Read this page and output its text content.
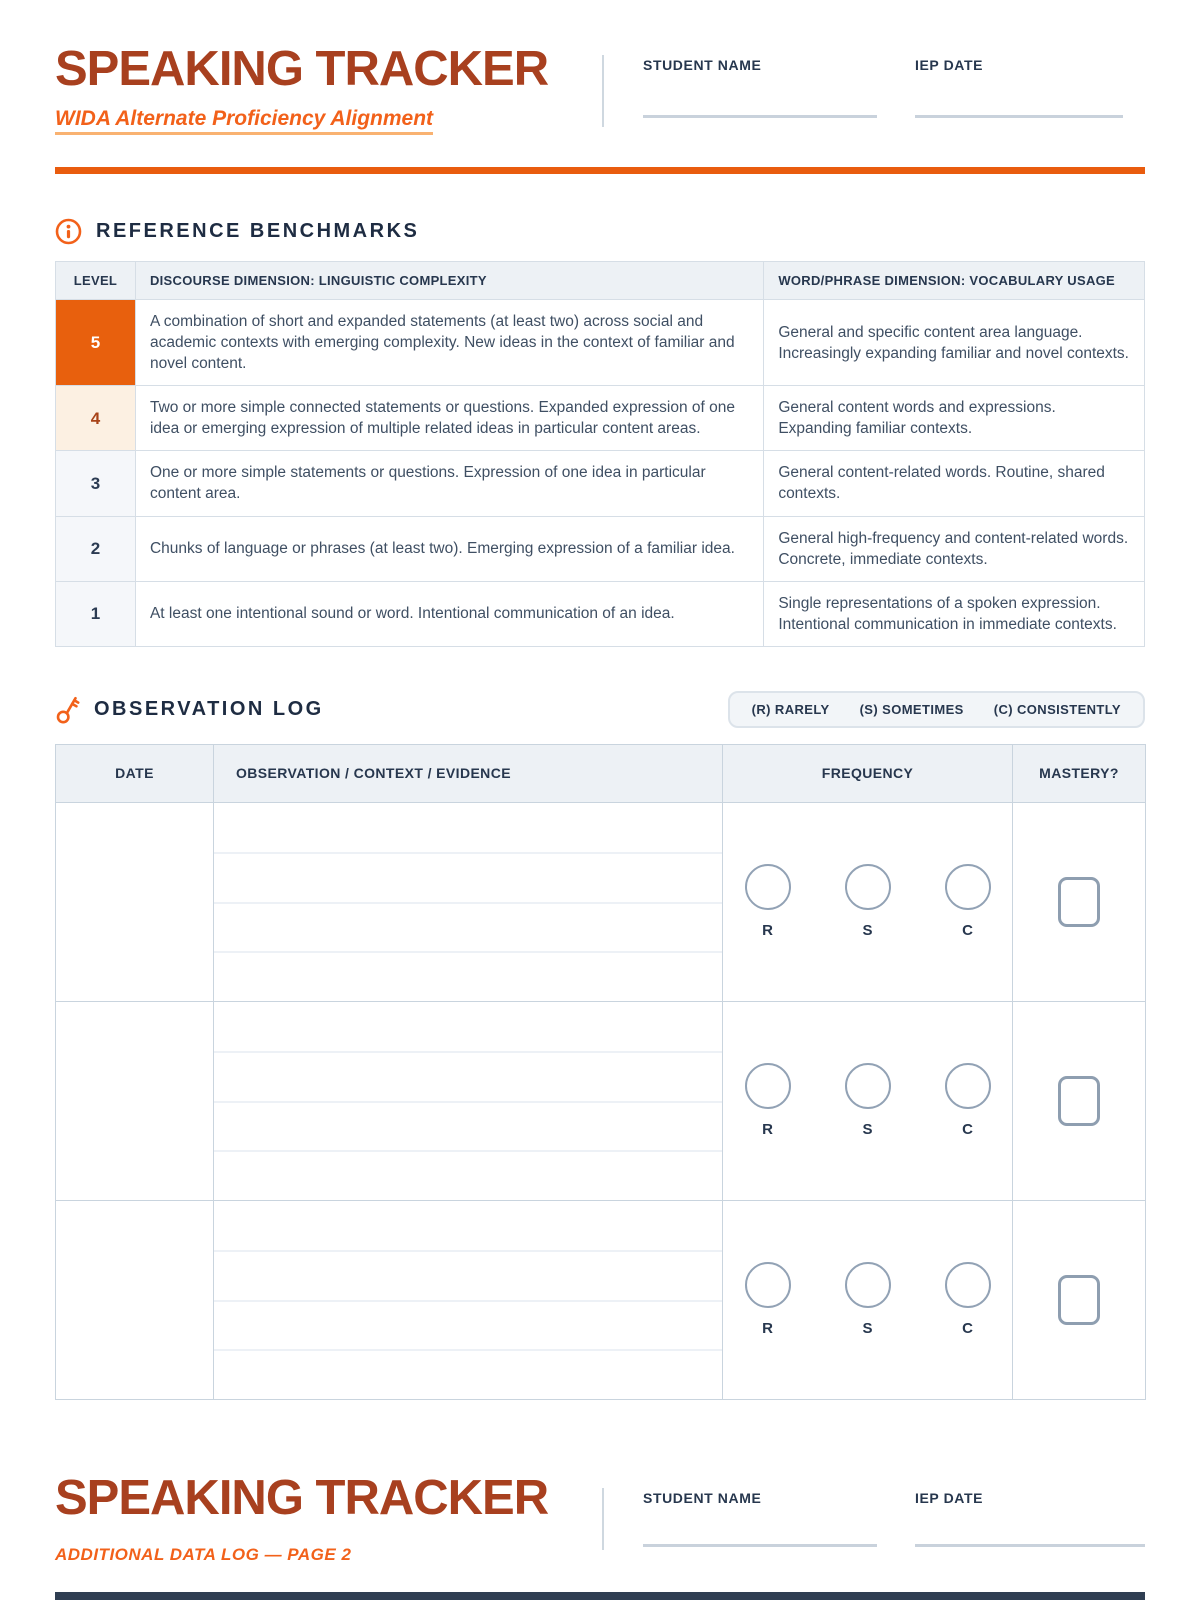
SPEAKING TRACKER
WIDA Alternate Proficiency Alignment
STUDENT NAME	IEP DATE
REFERENCE BENCHMARKS
LEVEL	DISCOURSE DIMENSION: LINGUISTIC COMPLEXITY	WORD/PHRASE DIMENSION: VOCABULARY USAGE
5	A combination of short and expanded statements (at least two) across social and academic contexts with emerging complexity. New ideas in the context of familiar and novel content.	General and specific content area language. Increasingly expanding familiar and novel contexts.
4	Two or more simple connected statements or questions. Expanded expression of one idea or emerging expression of multiple related ideas in particular content areas.	General content words and expressions. Expanding familiar contexts.
3	One or more simple statements or questions. Expression of one idea in particular content area.	General content-related words. Routine, shared contexts.
2	Chunks of language or phrases (at least two). Emerging expression of a familiar idea.	General high-frequency and content-related words. Concrete, immediate contexts.
1	At least one intentional sound or word. Intentional communication of an idea.	Single representations of a spoken expression. Intentional communication in immediate contexts.
OBSERVATION LOG	(R) RARELY (S) SOMETIMES (C) CONSISTENTLY
DATE	OBSERVATION / CONTEXT / EVIDENCE	FREQUENCY	MASTERY?

		R S C	

		R S C	

		R S C	

SPEAKING TRACKER
ADDITIONAL DATA LOG — PAGE 2
STUDENT NAME	IEP DATE
